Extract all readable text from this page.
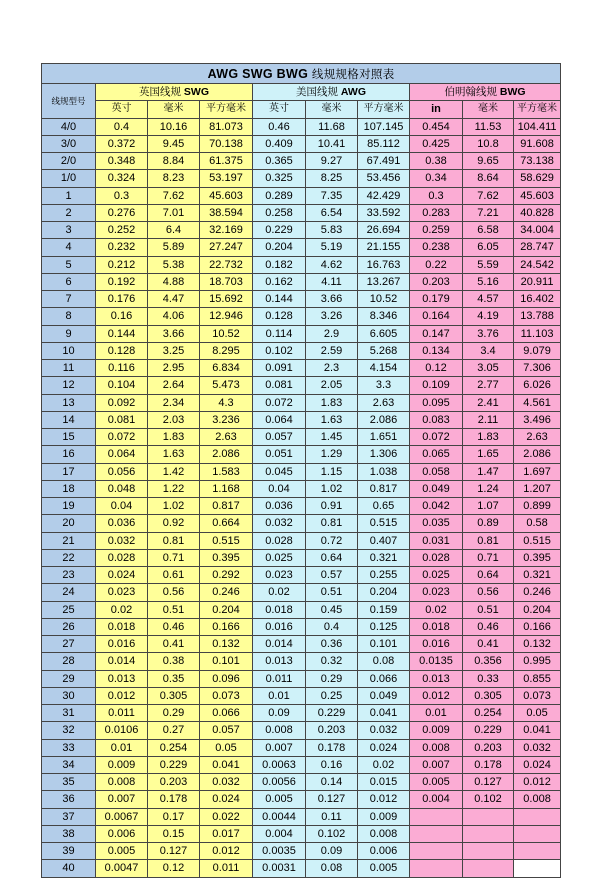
AWG SWG BWG 线规规格对照表									
线规型号	英国线规 SWG			美国线规 AWG			伯明翰线规 BWG		
	英寸	毫米	平方毫米	英寸	毫米	平方毫米	in	毫米	平方毫米
4/0	0.4	10.16	81.073	0.46	11.68	107.145	0.454	11.53	104.411
3/0	0.372	9.45	70.138	0.409	10.41	85.112	0.425	10.8	91.608
2/0	0.348	8.84	61.375	0.365	9.27	67.491	0.38	9.65	73.138
1/0	0.324	8.23	53.197	0.325	8.25	53.456	0.34	8.64	58.629
1	0.3	7.62	45.603	0.289	7.35	42.429	0.3	7.62	45.603
2	0.276	7.01	38.594	0.258	6.54	33.592	0.283	7.21	40.828
3	0.252	6.4	32.169	0.229	5.83	26.694	0.259	6.58	34.004
4	0.232	5.89	27.247	0.204	5.19	21.155	0.238	6.05	28.747
5	0.212	5.38	22.732	0.182	4.62	16.763	0.22	5.59	24.542
6	0.192	4.88	18.703	0.162	4.11	13.267	0.203	5.16	20.911
7	0.176	4.47	15.692	0.144	3.66	10.52	0.179	4.57	16.402
8	0.16	4.06	12.946	0.128	3.26	8.346	0.164	4.19	13.788
9	0.144	3.66	10.52	0.114	2.9	6.605	0.147	3.76	11.103
10	0.128	3.25	8.295	0.102	2.59	5.268	0.134	3.4	9.079
11	0.116	2.95	6.834	0.091	2.3	4.154	0.12	3.05	7.306
12	0.104	2.64	5.473	0.081	2.05	3.3	0.109	2.77	6.026
13	0.092	2.34	4.3	0.072	1.83	2.63	0.095	2.41	4.561
14	0.081	2.03	3.236	0.064	1.63	2.086	0.083	2.11	3.496
15	0.072	1.83	2.63	0.057	1.45	1.651	0.072	1.83	2.63
16	0.064	1.63	2.086	0.051	1.29	1.306	0.065	1.65	2.086
17	0.056	1.42	1.583	0.045	1.15	1.038	0.058	1.47	1.697
18	0.048	1.22	1.168	0.04	1.02	0.817	0.049	1.24	1.207
19	0.04	1.02	0.817	0.036	0.91	0.65	0.042	1.07	0.899
20	0.036	0.92	0.664	0.032	0.81	0.515	0.035	0.89	0.58
21	0.032	0.81	0.515	0.028	0.72	0.407	0.031	0.81	0.515
22	0.028	0.71	0.395	0.025	0.64	0.321	0.028	0.71	0.395
23	0.024	0.61	0.292	0.023	0.57	0.255	0.025	0.64	0.321
24	0.023	0.56	0.246	0.02	0.51	0.204	0.023	0.56	0.246
25	0.02	0.51	0.204	0.018	0.45	0.159	0.02	0.51	0.204
26	0.018	0.46	0.166	0.016	0.4	0.125	0.018	0.46	0.166
27	0.016	0.41	0.132	0.014	0.36	0.101	0.016	0.41	0.132
28	0.014	0.38	0.101	0.013	0.32	0.08	0.0135	0.356	0.995
29	0.013	0.35	0.096	0.011	0.29	0.066	0.013	0.33	0.855
30	0.012	0.305	0.073	0.01	0.25	0.049	0.012	0.305	0.073
31	0.011	0.29	0.066	0.09	0.229	0.041	0.01	0.254	0.05
32	0.0106	0.27	0.057	0.008	0.203	0.032	0.009	0.229	0.041
33	0.01	0.254	0.05	0.007	0.178	0.024	0.008	0.203	0.032
34	0.009	0.229	0.041	0.0063	0.16	0.02	0.007	0.178	0.024
35	0.008	0.203	0.032	0.0056	0.14	0.015	0.005	0.127	0.012
36	0.007	0.178	0.024	0.005	0.127	0.012	0.004	0.102	0.008
37	0.0067	0.17	0.022	0.0044	0.11	0.009			
38	0.006	0.15	0.017	0.004	0.102	0.008			
39	0.005	0.127	0.012	0.0035	0.09	0.006			
40	0.0047	0.12	0.011	0.0031	0.08	0.005			
